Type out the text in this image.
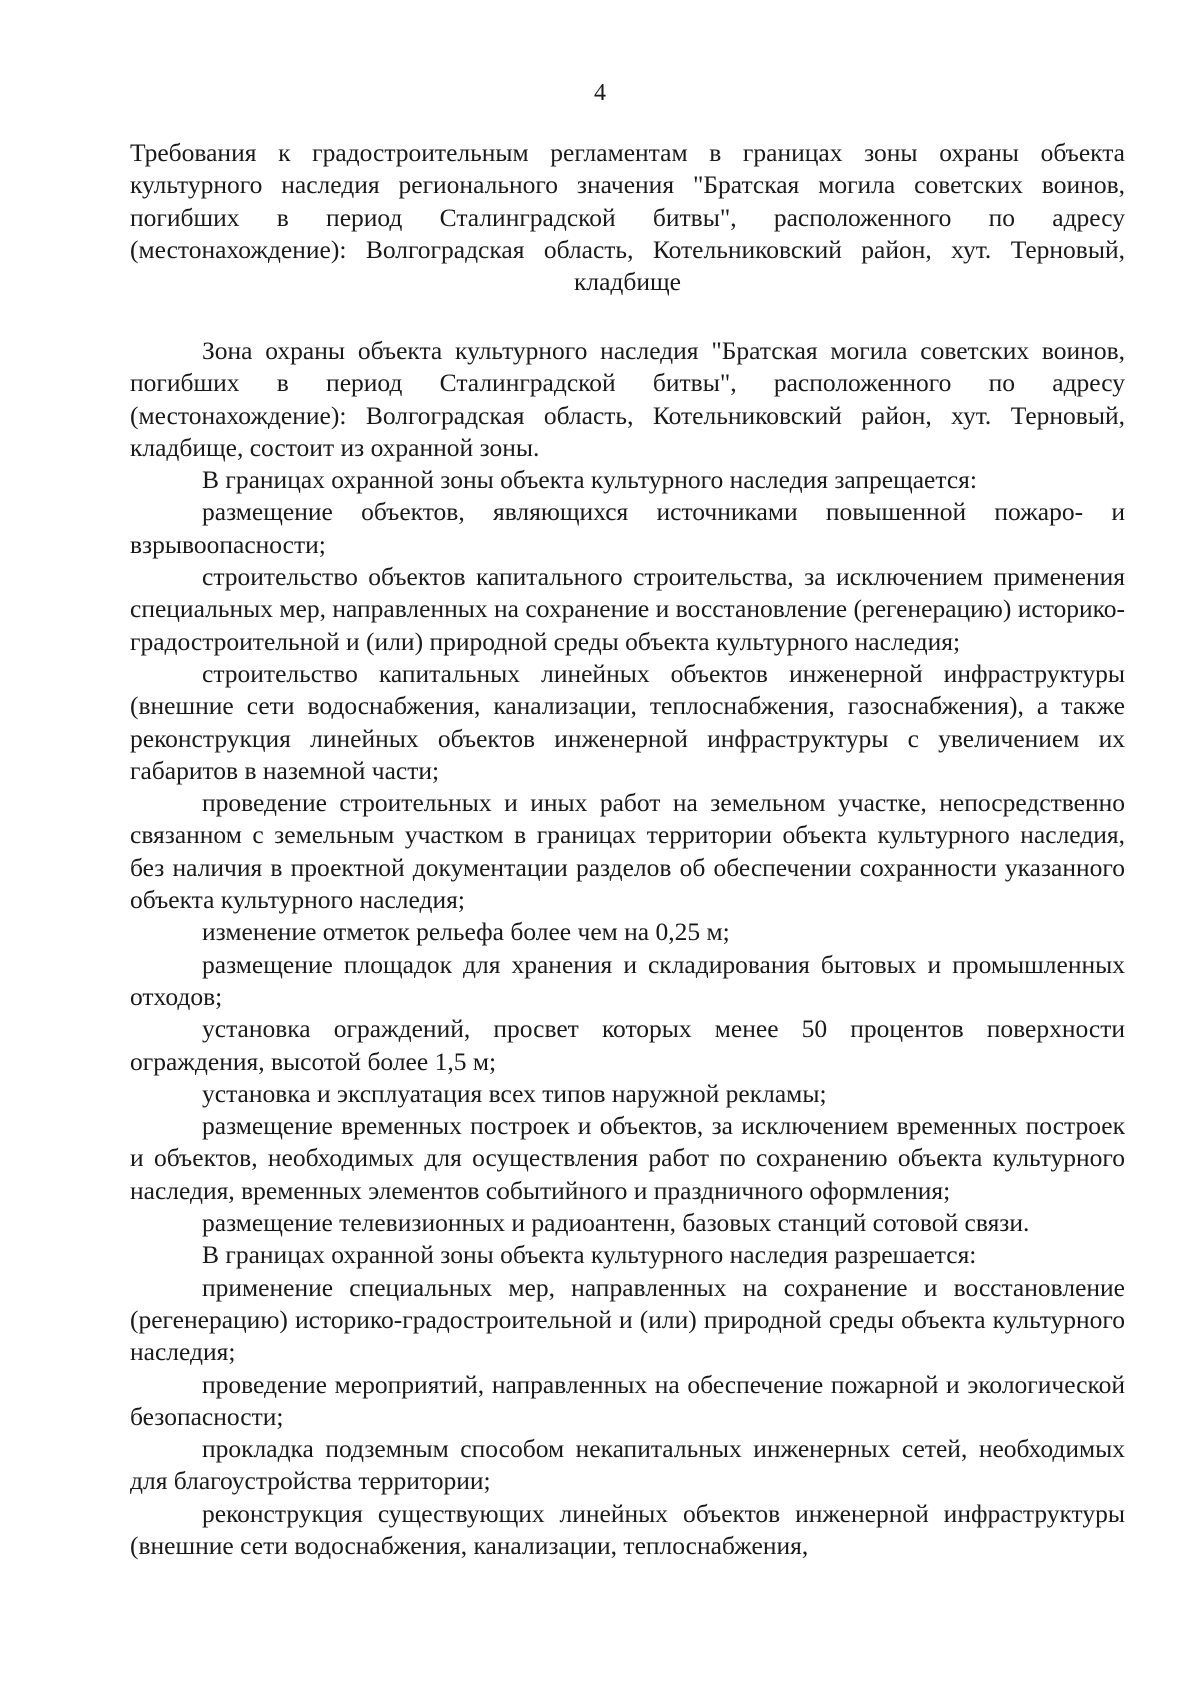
4
Требования к градостроительным регламентам в границах зоны охраны объекта культурного наследия регионального значения "Братская могила советских воинов, погибших в период Сталинградской битвы", расположенного по адресу (местонахождение): Волгоградская область, Котельниковский район, хут. Терновый, кладбище

Зона охраны объекта культурного наследия "Братская могила советских воинов, погибших в период Сталинградской битвы", расположенного по адресу (местонахождение): Волгоградская область, Котельниковский район, хут. Терновый, кладбище, состоит из охранной зоны.

В границах охранной зоны объекта культурного наследия запрещается:

размещение объектов, являющихся источниками повышенной пожаро- и взрывоопасности;

строительство объектов капитального строительства, за исключением применения специальных мер, направленных на сохранение и восстановление (регенерацию) историко-градостроительной и (или) природной среды объекта культурного наследия;

строительство капитальных линейных объектов инженерной инфраструктуры (внешние сети водоснабжения, канализации, теплоснабжения, газоснабжения), а также реконструкция линейных объектов инженерной инфраструктуры с увеличением их габаритов в наземной части;

проведение строительных и иных работ на земельном участке, непосредственно связанном с земельным участком в границах территории объекта культурного наследия, без наличия в проектной документации разделов об обеспечении сохранности указанного объекта культурного наследия;

изменение отметок рельефа более чем на 0,25 м;

размещение площадок для хранения и складирования бытовых и промышленных отходов;

установка ограждений, просвет которых менее 50 процентов поверхности ограждения, высотой более 1,5 м;

установка и эксплуатация всех типов наружной рекламы;

размещение временных построек и объектов, за исключением временных построек и объектов, необходимых для осуществления работ по сохранению объекта культурного наследия, временных элементов событийного и праздничного оформления;

размещение телевизионных и радиоантенн, базовых станций сотовой связи.

В границах охранной зоны объекта культурного наследия разрешается:

применение специальных мер, направленных на сохранение и восстановление (регенерацию) историко-градостроительной и (или) природной среды объекта культурного наследия;

проведение мероприятий, направленных на обеспечение пожарной и экологической безопасности;

прокладка подземным способом некапитальных инженерных сетей, необходимых для благоустройства территории;

реконструкция существующих линейных объектов инженерной инфраструктуры (внешние сети водоснабжения, канализации, теплоснабжения,
